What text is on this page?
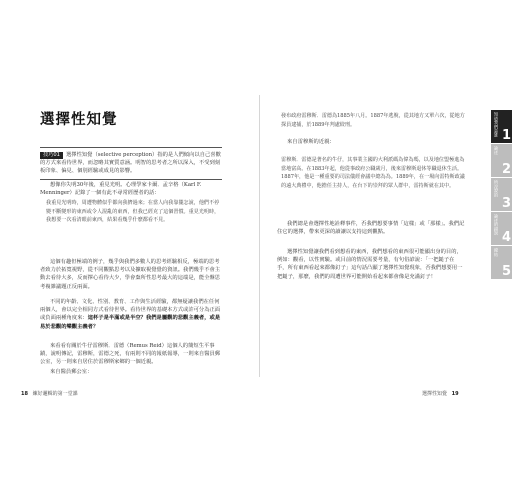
選擇性知覺
技巧01 選擇性知覺（selective perception）指的是人們傾向以自己喜歡的方式來看待世界，而忽略其實質意涵。明智的思考者之所以深入，不受到刻板印象、偏見、個別經驗或成見的影響。

想像你失明30年後，重見光明。心理學家卡爾．孟辛格（Karl F. Menninger）記錄了一個有此不尋常經歷者的話：

我重見光明時，周遭物體似乎都向我擠過來；在當人向我靠攏怎說，他們不停變不斷變形的東西或令人混亂的東西，但我已經克了這個習慣。重見光明時，我想要一次看清眼前東西，結果看幾乎什麼都看不見。

這個有趣但極端的例子，幾乎與我們多數人的思考經驗相反，極端的思考者致力於拓寬視野，從不同觀點思考以及擴取視覺覺的資訊。我們幾乎不會主動去看待大多，反而擇心看待大少，學會棄所性思考最大的這端是，能全盤思考複雜議題正反兩面。

不同的年齡、文化、性別、教育、工作與生活經驗，都無疑讓我們在任何兩個人，會以完全相同方式看待世界。看待世界的基礎本方式或許可分為正面或負面兩種角度來：這杯子是半滿或是半空？我們是屬觀的悲觀主義者，或是易於悲觀的樂觀主義者？

來看看有關於牛仔雷穆斯．雷德（Remus Reid）這個人的簡短生平事蹟，說明傳記，雷穆斯，雷德之死，有兩則不同的報紙報導，一則來自醫員郵公室，另一則來自居住於雷穆斯家鄉的一個近親。

來自醫員郵公室：

18 練好邏輯的第一堂課

發布政府雷穆斯．雷德為1885年八月。1887年逃脫，從其地方又單六次，從地方探員逮捕，於1889年判處絞刑。

來自雷穆斯的近親：

雷穆斯．雷德是著名的牛仔，其事業主國的大利派碼為偉為瑪，以及地位盟極進為當地富高。在1883年起，他從事政府公職歲月，後來雷穆斯退休等職退休生活。1887年，他是一種重要的司法儀經會議中總為為。1889年，在一場向雷特斯政議的遠大典禮中，他擔任主持人，在台下的崇拜的眾人群中，雷持斯就在其中。

我們總是會選擇性地詮釋事件，否我們想要事情「這樣」或「那樣」。我們記住它的選擇，帶來更深的讀讓以支持這到觀點。

選擇性知覺讓我們看到想看的東西，我們想看的東西很可能顯出身的目的，例如：觀看，以性實驗。或目前的情況需要考量，有句俗諺說：「一把鎚子在手，所有東西看起來都像釘子」這句話凸顯了選擇性知覺現象，否我們想要用一把鎚子，那麼，我們的周遭世界可能開始看起來都會像是充滿釘子！

選擇性知覺 19
知道我們是誰 1
論述
2
所沒說的
3
論述的錯誤
4
總結
5
